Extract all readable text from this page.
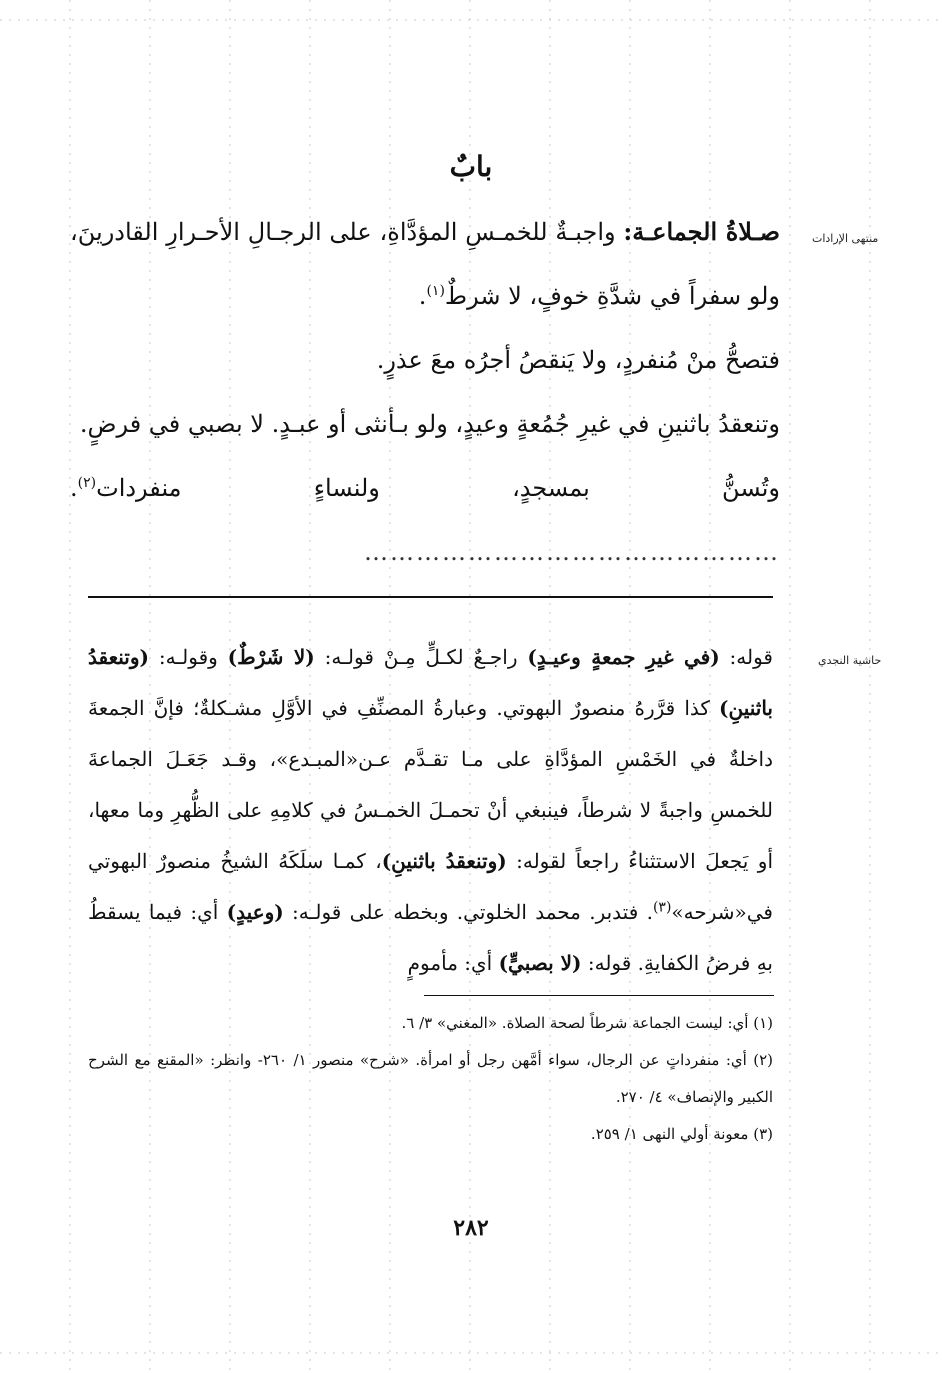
منتهى الإرادات
حاشية النجدي
بابٌ

صـلاةُ الجماعـة: واجبـةٌ للخمـسِ المؤدَّاةِ، على الرجـالِ الأحـرارِ القادرينَ، ولو سفراً في شدَّةِ خوفٍ، لا شرطٌ$^{(١)}$.

فتصحُّ منْ مُنفردٍ، ولا يَنقصُ أجرُه معَ عذرٍ.

وتنعقدُ باثنينِ في غيرِ جُمُعةٍ وعيدٍ، ولو بـأنثى أو عبـدٍ. لا بصبي في فرضٍ.

وتُسنُّ بمسجدٍ، ولنساءٍ منفردات$^{(٢)}$.…………………………………………

قوله: (في غيرِ جمعةٍ وعيـدٍ) راجـعٌ لكـلٍّ مِـنْ قولـه: (لا شَرْطٌ) وقولـه: (وتنعقدُ باثنينِ) كذا قرَّرهُ منصورٌ البهوتي. وعبارةُ المصنِّفِ في الأوَّلِ مشـكلةٌ؛ فإنَّ الجمعةَ داخلةٌ في الخَمْسِ المؤدَّاةِ على مـا تقـدَّم عـن«المبـدع»، وقـد جَعَـلَ الجماعةَ للخمسِ واجبةً لا شرطاً، فينبغي أنْ تحمـلَ الخمـسُ في كلامِهِ على الظُّهرِ وما معها، أو يَجعلَ الاستثناءُ راجعاً لقوله: (وتنعقدُ باثنينِ)، كمـا سلَكَهُ الشيخُ منصورٌ البهوتي في«شرحه»$^{(٣)}$. فتدبر. محمد الخلوتي. وبخطه على قولـه: (وعيدٍ) أي: فيما يسقطُ بهِ فرضُ الكفايةِ. قوله: (لا بصبيٍّ) أي: مأمومٍ

(١) أي: ليست الجماعة شرطاً لصحة الصلاة. «المغني» ٣/ ٦.

(٢) أي: منفرداتٍ عن الرجال، سواء أمَّهن رجل أو امرأة. «شرح» منصور ١/ ٢٦٠- وانظر: «المقنع مع الشرح الكبير والإنصاف» ٤/ ٢٧٠.

(٣) معونة أولي النهى ١/ ٢٥٩.

٢٨٢
